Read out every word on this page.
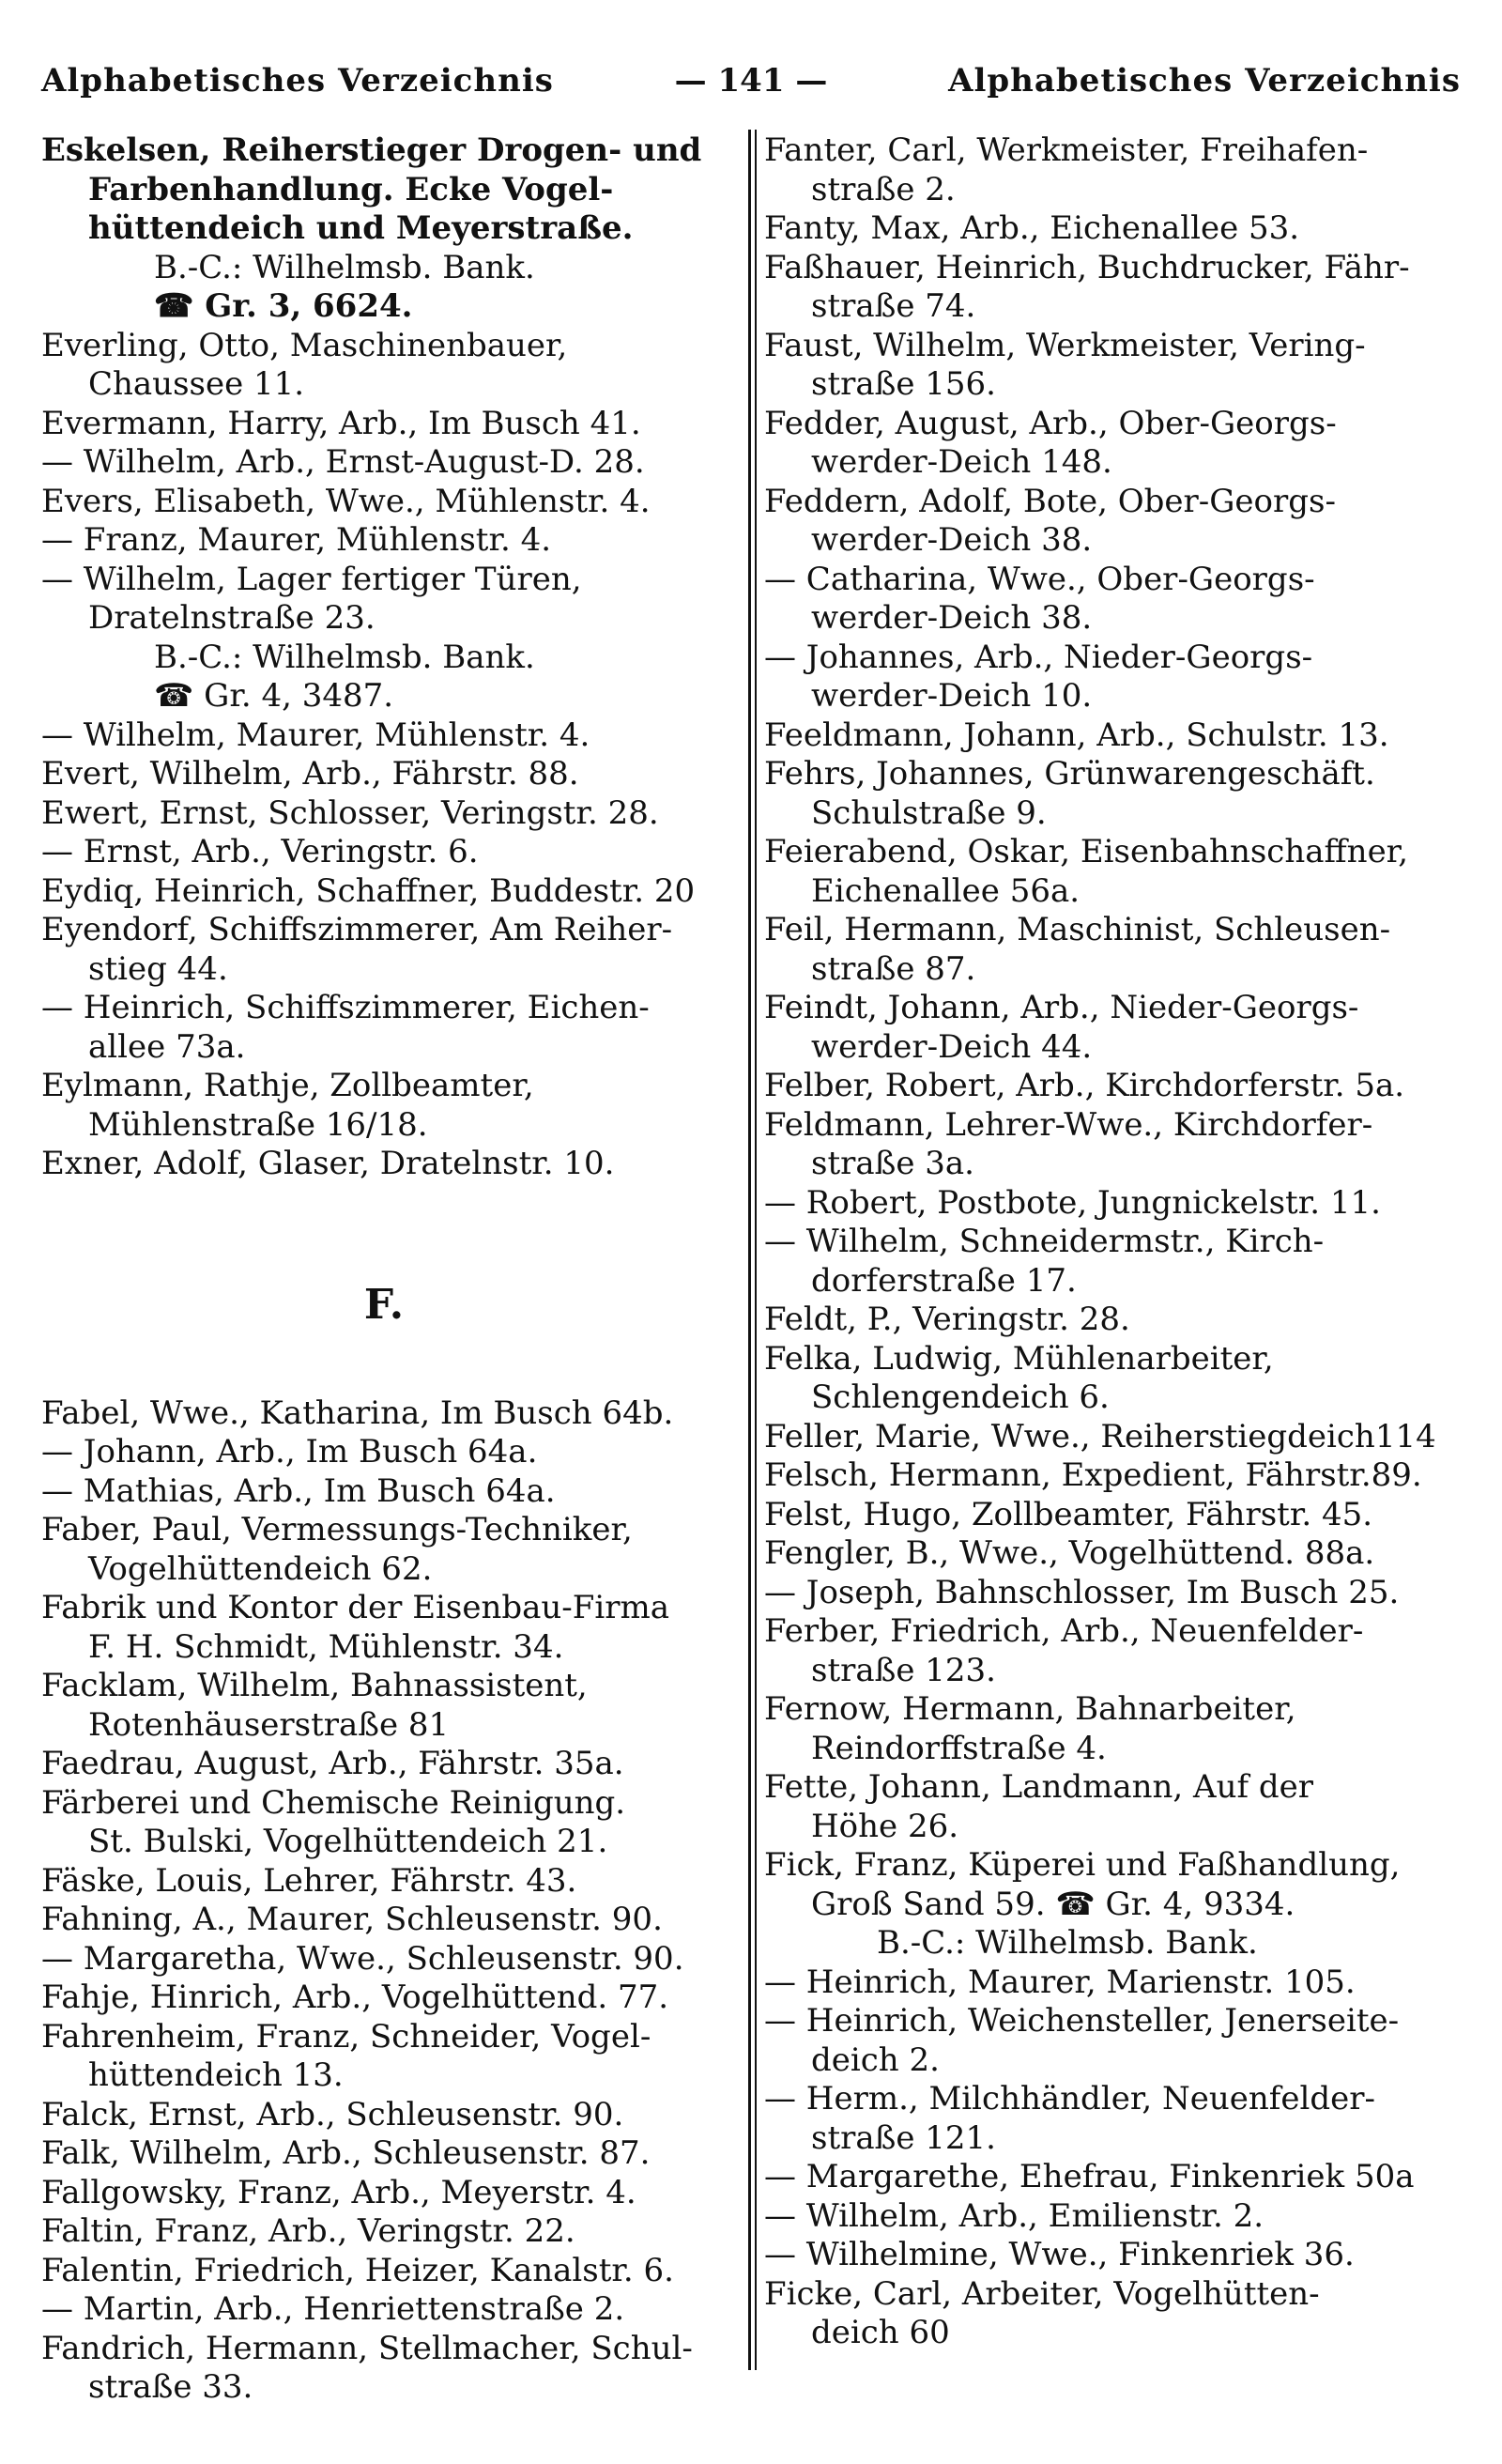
Alphabetisches Verzeichnis	— 141 —	Alphabetisches Verzeichnis
Eskelsen, Reiherstieger Drogen- und
Farbenhandlung. Ecke Vogel-
hüttendeich und Meyerstraße.
B.-C.: Wilhelmsb. Bank.
☎ Gr. 3, 6624.
Everling, Otto, Maschinenbauer,
Chaussee 11.
Evermann, Harry, Arb., Im Busch 41.
— Wilhelm, Arb., Ernst-August-D. 28.
Evers, Elisabeth, Wwe., Mühlenstr. 4.
— Franz, Maurer, Mühlenstr. 4.
— Wilhelm, Lager fertiger Türen,
Dratelnstraße 23.
B.-C.: Wilhelmsb. Bank.
☎ Gr. 4, 3487.
— Wilhelm, Maurer, Mühlenstr. 4.
Evert, Wilhelm, Arb., Fährstr. 88.
Ewert, Ernst, Schlosser, Veringstr. 28.
— Ernst, Arb., Veringstr. 6.
Eydiq, Heinrich, Schaffner, Buddestr. 20
Eyendorf, Schiffszimmerer, Am Reiher-
stieg 44.
— Heinrich, Schiffszimmerer, Eichen-
allee 73a.
Eylmann, Rathje, Zollbeamter,
Mühlenstraße 16/18.
Exner, Adolf, Glaser, Dratelnstr. 10.
F.
Fabel, Wwe., Katharina, Im Busch 64b.
— Johann, Arb., Im Busch 64a.
— Mathias, Arb., Im Busch 64a.
Faber, Paul, Vermessungs-Techniker,
Vogelhüttendeich 62.
Fabrik und Kontor der Eisenbau-Firma
F. H. Schmidt, Mühlenstr. 34.
Facklam, Wilhelm, Bahnassistent,
Rotenhäuserstraße 81
Faedrau, August, Arb., Fährstr. 35a.
Färberei und Chemische Reinigung.
St. Bulski, Vogelhüttendeich 21.
Fäske, Louis, Lehrer, Fährstr. 43.
Fahning, A., Maurer, Schleusenstr. 90.
— Margaretha, Wwe., Schleusenstr. 90.
Fahje, Hinrich, Arb., Vogelhüttend. 77.
Fahrenheim, Franz, Schneider, Vogel-
hüttendeich 13.
Falck, Ernst, Arb., Schleusenstr. 90.
Falk, Wilhelm, Arb., Schleusenstr. 87.
Fallgowsky, Franz, Arb., Meyerstr. 4.
Faltin, Franz, Arb., Veringstr. 22.
Falentin, Friedrich, Heizer, Kanalstr. 6.
— Martin, Arb., Henriettenstraße 2.
Fandrich, Hermann, Stellmacher, Schul-
straße 33.
Fanter, Carl, Werkmeister, Freihafen-
straße 2.
Fanty, Max, Arb., Eichenallee 53.
Faßhauer, Heinrich, Buchdrucker, Fähr-
straße 74.
Faust, Wilhelm, Werkmeister, Vering-
straße 156.
Fedder, August, Arb., Ober-Georgs-
werder-Deich 148.
Feddern, Adolf, Bote, Ober-Georgs-
werder-Deich 38.
— Catharina, Wwe., Ober-Georgs-
werder-Deich 38.
— Johannes, Arb., Nieder-Georgs-
werder-Deich 10.
Feeldmann, Johann, Arb., Schulstr. 13.
Fehrs, Johannes, Grünwarengeschäft.
Schulstraße 9.
Feierabend, Oskar, Eisenbahnschaffner,
Eichenallee 56a.
Feil, Hermann, Maschinist, Schleusen-
straße 87.
Feindt, Johann, Arb., Nieder-Georgs-
werder-Deich 44.
Felber, Robert, Arb., Kirchdorferstr. 5a.
Feldmann, Lehrer-Wwe., Kirchdorfer-
straße 3a.
— Robert, Postbote, Jungnickelstr. 11.
— Wilhelm, Schneidermstr., Kirch-
dorferstraße 17.
Feldt, P., Veringstr. 28.
Felka, Ludwig, Mühlenarbeiter,
Schlengendeich 6.
Feller, Marie, Wwe., Reiherstiegdeich114
Felsch, Hermann, Expedient, Fährstr.89.
Felst, Hugo, Zollbeamter, Fährstr. 45.
Fengler, B., Wwe., Vogelhüttend. 88a.
— Joseph, Bahnschlosser, Im Busch 25.
Ferber, Friedrich, Arb., Neuenfelder-
straße 123.
Fernow, Hermann, Bahnarbeiter,
Reindorffstraße 4.
Fette, Johann, Landmann, Auf der
Höhe 26.
Fick, Franz, Küperei und Faßhandlung,
Groß Sand 59. ☎ Gr. 4, 9334.
B.-C.: Wilhelmsb. Bank.
— Heinrich, Maurer, Marienstr. 105.
— Heinrich, Weichensteller, Jenerseite-
deich 2.
— Herm., Milchhändler, Neuenfelder-
straße 121.
— Margarethe, Ehefrau, Finkenriek 50a
— Wilhelm, Arb., Emilienstr. 2.
— Wilhelmine, Wwe., Finkenriek 36.
Ficke, Carl, Arbeiter, Vogelhütten-
deich 60
